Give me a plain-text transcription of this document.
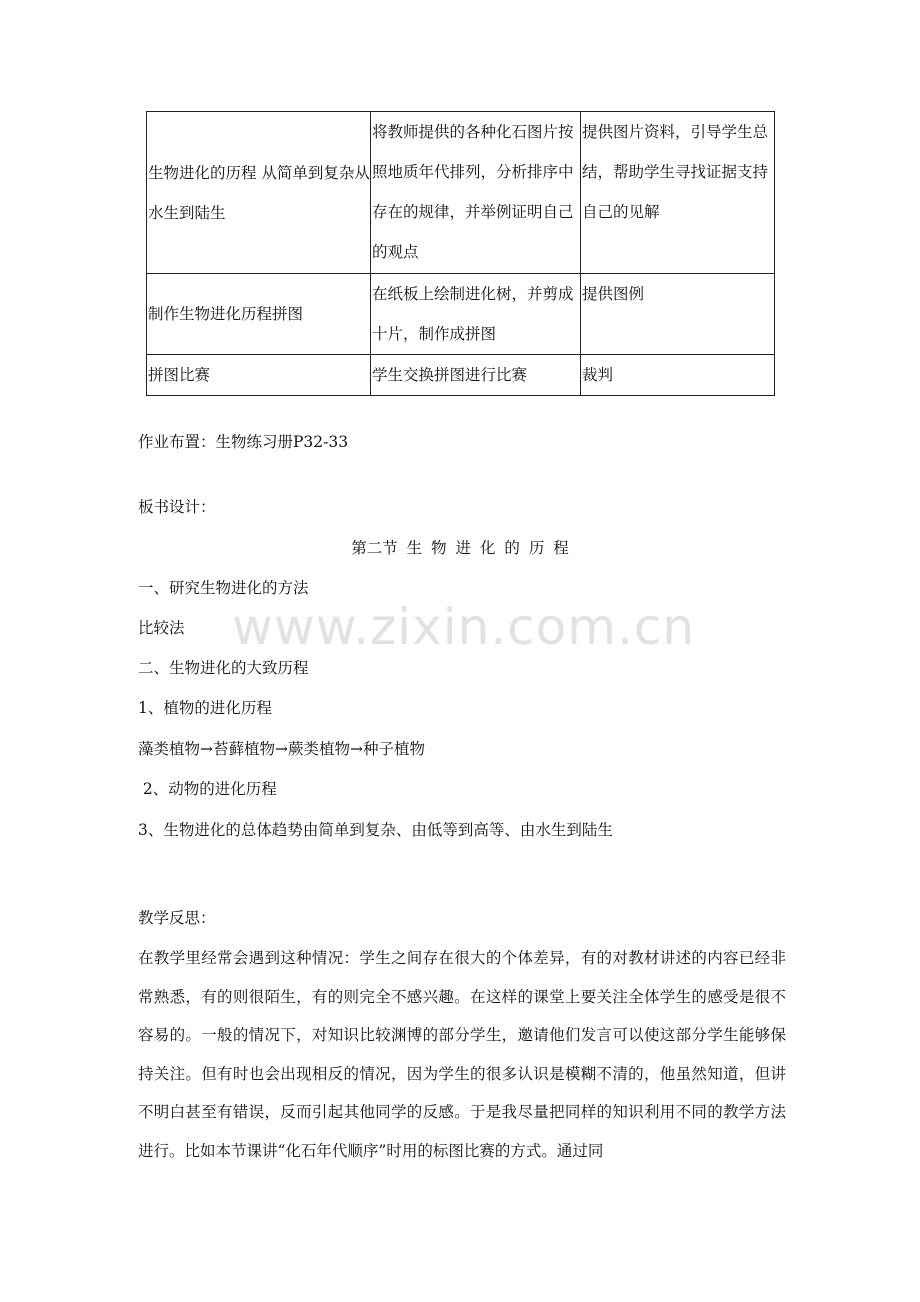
生物进化的历程 从简单到复杂从水生到陆生	将教师提供的各种化石图片按照地质年代排列，分析排序中存在的规律，并举例证明自己的观点	提供图片资料，引导学生总结，帮助学生寻找证据支持自己的见解
制作生物进化历程拼图	在纸板上绘制进化树，并剪成十片，制作成拼图	提供图例
拼图比赛	学生交换拼图进行比赛	裁判
作业布置：生物练习册P32-33
板书设计：
第二节 生 物 进 化 的 历 程
一、研究生物进化的方法
比较法
二、生物进化的大致历程
1、植物的进化历程
藻类植物→苔藓植物→蕨类植物→种子植物
2、动物的进化历程
3、生物进化的总体趋势由简单到复杂、由低等到高等、由水生到陆生
教学反思：
在教学里经常会遇到这种情况：学生之间存在很大的个体差异，有的对教材讲述的内容已经非常熟悉，有的则很陌生，有的则完全不感兴趣。在这样的课堂上要关注全体学生的感受是很不容易的。一般的情况下，对知识比较渊博的部分学生，邀请他们发言可以使这部分学生能够保持关注。但有时也会出现相反的情况，因为学生的很多认识是模糊不清的，他虽然知道，但讲不明白甚至有错误，反而引起其他同学的反感。于是我尽量把同样的知识利用不同的教学方法进行。比如本节课讲“化石年代顺序”时用的标图比赛的方式。通过同
www.zixin.com.cn
